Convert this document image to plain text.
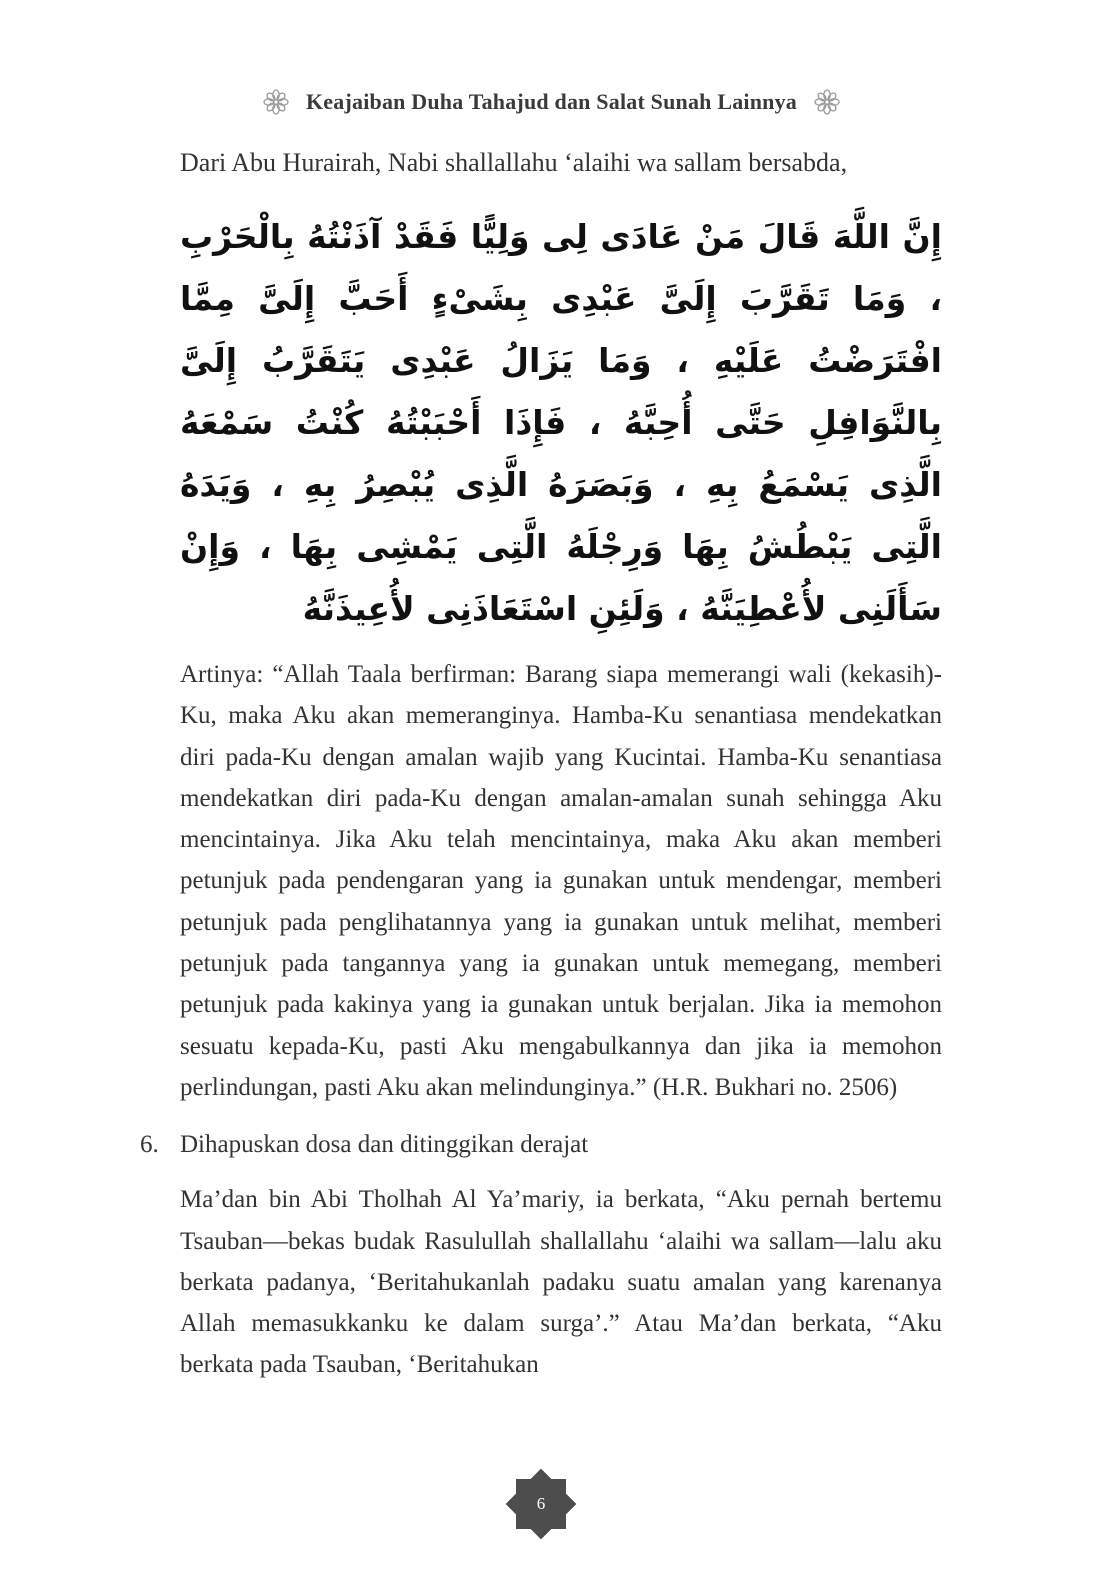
Keajaiban Duha Tahajud dan Salat Sunah Lainnya

Dari Abu Hurairah, Nabi shallallahu ‘alaihi wa sallam bersabda,

إِنَّ اللَّهَ قَالَ مَنْ عَادَى لِى وَلِيًّا فَقَدْ آذَنْتُهُ بِالْحَرْبِ ، وَمَا تَقَرَّبَ إِلَىَّ عَبْدِى بِشَىْءٍ أَحَبَّ إِلَىَّ مِمَّا افْتَرَضْتُ عَلَيْهِ ، وَمَا يَزَالُ عَبْدِى يَتَقَرَّبُ إِلَىَّ بِالنَّوَافِلِ حَتَّى أُحِبَّهُ ، فَإِذَا أَحْبَبْتُهُ كُنْتُ سَمْعَهُ الَّذِى يَسْمَعُ بِهِ ، وَبَصَرَهُ الَّذِى يُبْصِرُ بِهِ ، وَيَدَهُ الَّتِى يَبْطُشُ بِهَا وَرِجْلَهُ الَّتِى يَمْشِى بِهَا ، وَإِنْ سَأَلَنِى لأُعْطِيَنَّهُ ، وَلَئِنِ اسْتَعَاذَنِى لأُعِيذَنَّهُ

Artinya: “Allah Taala berfirman: Barang siapa memerangi wali (kekasih)-Ku, maka Aku akan memeranginya. Hamba-Ku senantiasa mendekatkan diri pada-Ku dengan amalan wajib yang Kucintai. Hamba-Ku senantiasa mendekatkan diri pada-Ku dengan amalan-amalan sunah sehingga Aku mencintainya. Jika Aku telah mencintainya, maka Aku akan memberi petunjuk pada pendengaran yang ia gunakan untuk mendengar, memberi petunjuk pada penglihatannya yang ia gunakan untuk melihat, memberi petunjuk pada tangannya yang ia gunakan untuk memegang, memberi petunjuk pada kakinya yang ia gunakan untuk berjalan. Jika ia memohon sesuatu kepada-Ku, pasti Aku mengabulkannya dan jika ia memohon perlindungan, pasti Aku akan melindunginya.” (H.R. Bukhari no. 2506)

6. Dihapuskan dosa dan ditinggikan derajat

Ma’dan bin Abi Tholhah Al Ya’mariy, ia berkata, “Aku pernah bertemu Tsauban—bekas budak Rasulullah shallallahu ‘alaihi wa sallam—lalu aku berkata padanya, ‘Beritahukanlah padaku suatu amalan yang karenanya Allah memasukkanku ke dalam surga’.” Atau Ma’dan berkata, “Aku berkata pada Tsauban, ‘Beritahukan

6
